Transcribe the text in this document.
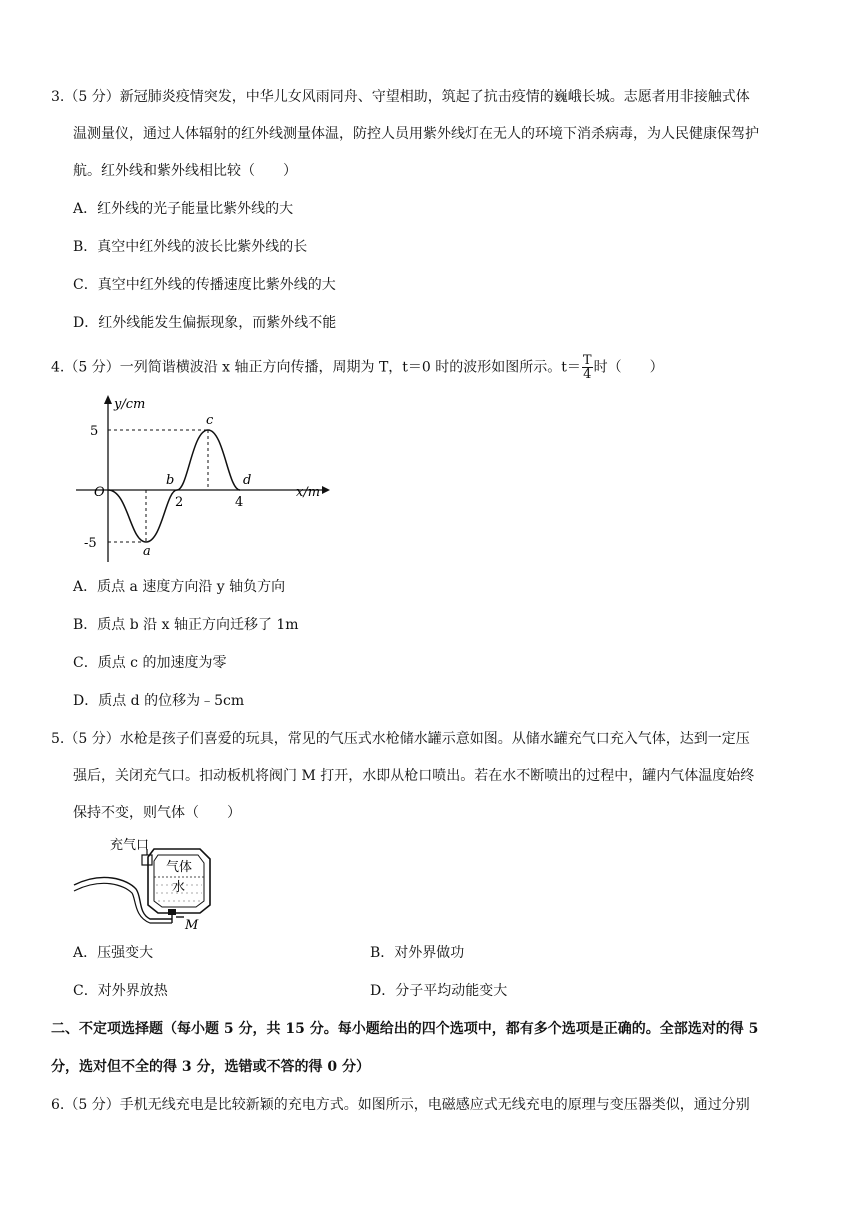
3.（5 分）新冠肺炎疫情突发，中华儿女风雨同舟、守望相助，筑起了抗击疫情的巍峨长城。志愿者用非接触式体
温测量仪，通过人体辐射的红外线测量体温，防控人员用紫外线灯在无人的环境下消杀病毒，为人民健康保驾护
航。红外线和紫外线相比较（　　）
A．红外线的光子能量比紫外线的大
B．真空中红外线的波长比紫外线的长
C．真空中红外线的传播速度比紫外线的大
D．红外线能发生偏振现象，而紫外线不能
4.（5 分）一列简谐横波沿 x 轴正方向传播，周期为 T，t＝0 时的波形如图所示。$t= \frac{T}{4}$ 时（　　）
y/cm
x/m
O
5
-5
2	4
a
b
c
d
A．质点 a 速度方向沿 y 轴负方向
B．质点 b 沿 x 轴正方向迁移了 1m
C．质点 c 的加速度为零
D．质点 d 的位移为﹣5cm
5.（5 分）水枪是孩子们喜爱的玩具，常见的气压式水枪储水罐示意如图。从储水罐充气口充入气体，达到一定压
强后，关闭充气口。扣动板机将阀门 M 打开，水即从枪口喷出。若在水不断喷出的过程中，罐内气体温度始终
保持不变，则气体（　　）
充气口
气体
水
M
A．压强变大	B．对外界做功
C．对外界放热	D．分子平均动能变大
二、不定项选择题（每小题 5 分，共 15 分。每小题给出的四个选项中，都有多个选项是正确的。全部选对的得 5
分，选对但不全的得 3 分，选错或不答的得 0 分）
6.（5 分）手机无线充电是比较新颖的充电方式。如图所示，电磁感应式无线充电的原理与变压器类似，通过分别
